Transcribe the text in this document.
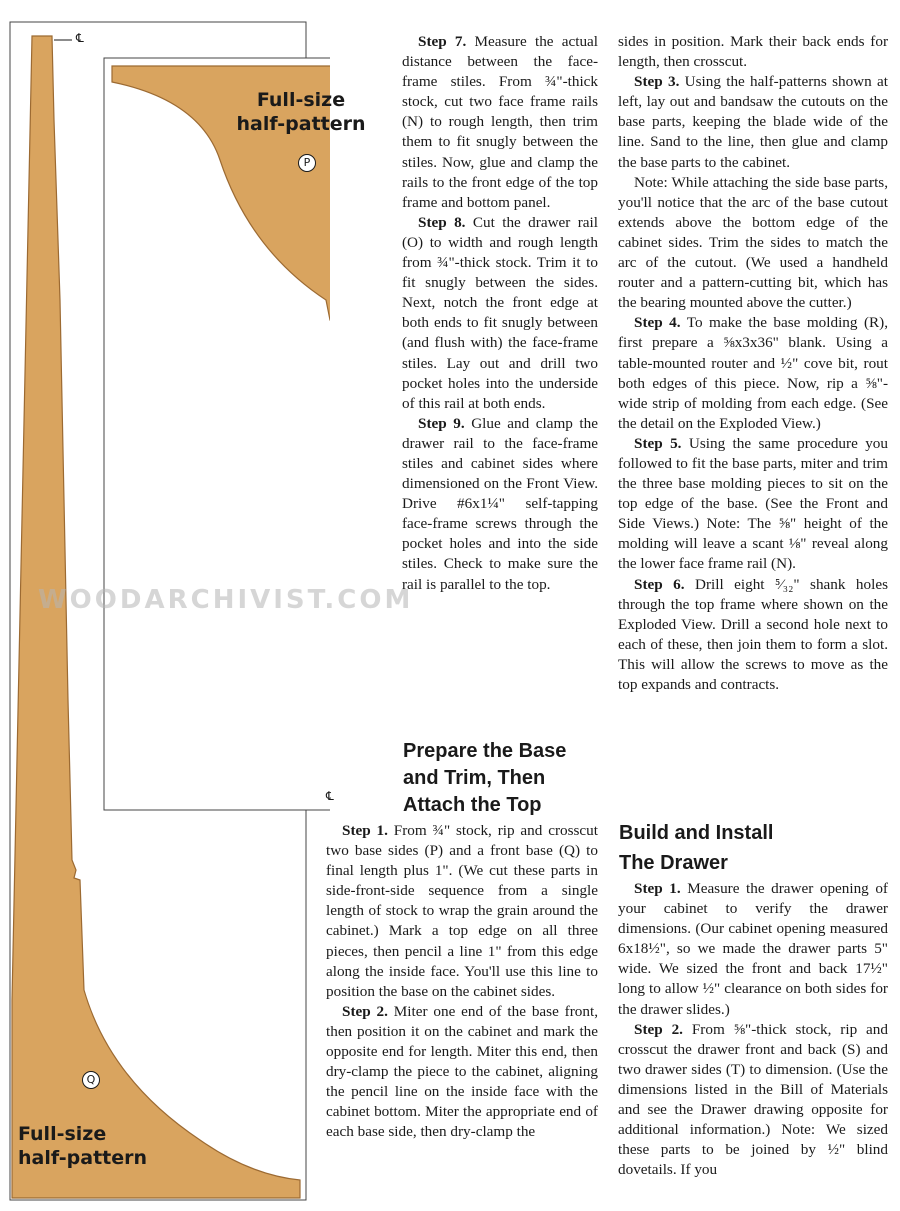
℄
℄
Full-size
half-pattern
P
Q
Full-size
half-pattern
WOODARCHIVIST.COM

Step 7. Measure the actual distance between the face-frame stiles. From ¾"-thick stock, cut two face frame rails (N) to rough length, then trim them to fit snugly between the stiles. Now, glue and clamp the rails to the front edge of the top frame and bottom panel.

Step 8. Cut the drawer rail (O) to width and rough length from ¾"-thick stock. Trim it to fit snugly between the sides. Next, notch the front edge at both ends to fit snugly between (and flush with) the face-frame stiles. Lay out and drill two pocket holes into the underside of this rail at both ends.

Step 9. Glue and clamp the drawer rail to the face-frame stiles and cabinet sides where dimensioned on the Front View. Drive #6x1¼" self-tapping face-frame screws through the pocket holes and into the side stiles. Check to make sure the rail is parallel to the top.

Prepare the Base
and Trim, Then
Attach the Top

Step 1. From ¾" stock, rip and crosscut two base sides (P) and a front base (Q) to final length plus 1". (We cut these parts in side-front-side sequence from a single length of stock to wrap the grain around the cabinet.) Mark a top edge on all three pieces, then pencil a line 1" from this edge along the inside face. You'll use this line to position the base on the cabinet sides.

Step 2. Miter one end of the base front, then position it on the cabinet and mark the opposite end for length. Miter this end, then dry-clamp the piece to the cabinet, aligning the pencil line on the inside face with the cabinet bottom. Miter the appropriate end of each base side, then dry-clamp the

sides in position. Mark their back ends for length, then crosscut.

Step 3. Using the half-patterns shown at left, lay out and bandsaw the cutouts on the base parts, keeping the blade wide of the line. Sand to the line, then glue and clamp the base parts to the cabinet.

Note: While attaching the side base parts, you'll notice that the arc of the base cutout extends above the bottom edge of the cabinet sides. Trim the sides to match the arc of the cutout. (We used a handheld router and a pattern-cutting bit, which has the bearing mounted above the cutter.)

Step 4. To make the base molding (R), first prepare a ⅝x3x36" blank. Using a table-mounted router and ½" cove bit, rout both edges of this piece. Now, rip a ⅝"-wide strip of molding from each edge. (See the detail on the Exploded View.)

Step 5. Using the same procedure you followed to fit the base parts, miter and trim the three base molding pieces to sit on the top edge of the base. (See the Front and Side Views.) Note: The ⅝" height of the molding will leave a scant ⅛" reveal along the lower face frame rail (N).

Step 6. Drill eight ⁵⁄₃₂" shank holes through the top frame where shown on the Exploded View. Drill a second hole next to each of these, then join them to form a slot. This will allow the screws to move as the top expands and contracts.

Build and Install
The Drawer

Step 1. Measure the drawer opening of your cabinet to verify the drawer dimensions. (Our cabinet opening measured 6x18½", so we made the drawer parts 5" wide. We sized the front and back 17½" long to allow ½" clearance on both sides for the drawer slides.)

Step 2. From ⅝"-thick stock, rip and crosscut the drawer front and back (S) and two drawer sides (T) to dimension. (Use the dimensions listed in the Bill of Materials and see the Drawer drawing opposite for additional information.) Note: We sized these parts to be joined by ½" blind dovetails. If you
